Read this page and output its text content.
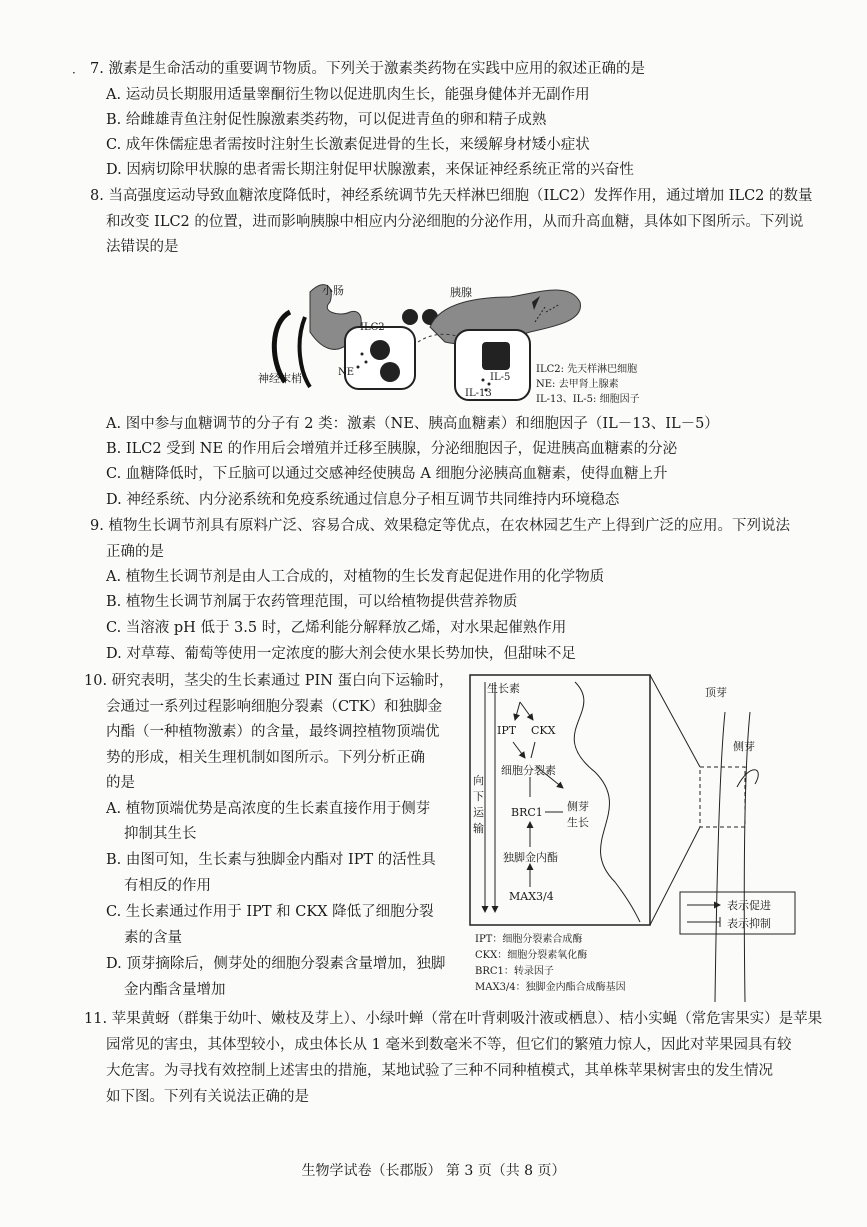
· 7. 激素是生命活动的重要调节物质。下列关于激素类药物在实践中应用的叙述正确的是
A. 运动员长期服用适量睾酮衍生物以促进肌肉生长，能强身健体并无副作用
B. 给雌雄青鱼注射促性腺激素类药物，可以促进青鱼的卵和精子成熟
C. 成年侏儒症患者需按时注射生长激素促进骨的生长，来缓解身材矮小症状
D. 因病切除甲状腺的患者需长期注射促甲状腺激素，来保证神经系统正常的兴奋性
8. 当高强度运动导致血糖浓度降低时，神经系统调节先天样淋巴细胞（ILC2）发挥作用，通过增加 ILC2 的数量
和改变 ILC2 的位置，进而影响胰腺中相应内分泌细胞的分泌作用，从而升高血糖，具体如下图所示。下列说
法错误的是
小肠	胰腺
ILC2
NE
神经末梢	IL-5
IL-13
ILC2: 先天样淋巴细胞
NE: 去甲肾上腺素
IL-13、IL-5: 细胞因子
A. 图中参与血糖调节的分子有 2 类：激素（NE、胰高血糖素）和细胞因子（IL－13、IL－5）
B. ILC2 受到 NE 的作用后会增殖并迁移至胰腺，分泌细胞因子，促进胰高血糖素的分泌
C. 血糖降低时，下丘脑可以通过交感神经使胰岛 A 细胞分泌胰高血糖素，使得血糖上升
D. 神经系统、内分泌系统和免疫系统通过信息分子相互调节共同维持内环境稳态
9. 植物生长调节剂具有原料广泛、容易合成、效果稳定等优点，在农林园艺生产上得到广泛的应用。下列说法
正确的是
A. 植物生长调节剂是由人工合成的，对植物的生长发育起促进作用的化学物质
B. 植物生长调节剂属于农药管理范围，可以给植物提供营养物质
C. 当溶液 pH 低于 3.5 时，乙烯利能分解释放乙烯，对水果起催熟作用
D. 对草莓、葡萄等使用一定浓度的膨大剂会使水果长势加快，但甜味不足
10. 研究表明，茎尖的生长素通过 PIN 蛋白向下运输时，
会通过一系列过程影响细胞分裂素（CTK）和独脚金
内酯（一种植物激素）的含量，最终调控植物顶端优
势的形成，相关生理机制如图所示。下列分析正确
的是
A. 植物顶端优势是高浓度的生长素直接作用于侧芽
抑制其生长
B. 由图可知，生长素与独脚金内酯对 IPT 的活性具
有相反的作用
C. 生长素通过作用于 IPT 和 CKX 降低了细胞分裂
素的含量
D. 顶芽摘除后，侧芽处的细胞分裂素含量增加，独脚
金内酯含量增加
生长素
IPT CKX
细胞分裂素
BRC1 侧芽
生长
独脚金内酯
MAX3/4
向
下
运
输
顶芽
侧芽
表示促进
表示抑制
IPT：细胞分裂素合成酶
CKX：细胞分裂素氧化酶
BRC1：转录因子
MAX3/4：独脚金内酯合成酶基因
11. 苹果黄蚜（群集于幼叶、嫩枝及芽上）、小绿叶蝉（常在叶背刺吸汁液或栖息）、桔小实蝇（常危害果实）是苹果
园常见的害虫，其体型较小，成虫体长从 1 毫米到数毫米不等，但它们的繁殖力惊人，因此对苹果园具有较
大危害。为寻找有效控制上述害虫的措施，某地试验了三种不同种植模式，其单株苹果树害虫的发生情况
如下图。下列有关说法正确的是
生物学试卷（长郡版） 第 3 页（共 8 页）
